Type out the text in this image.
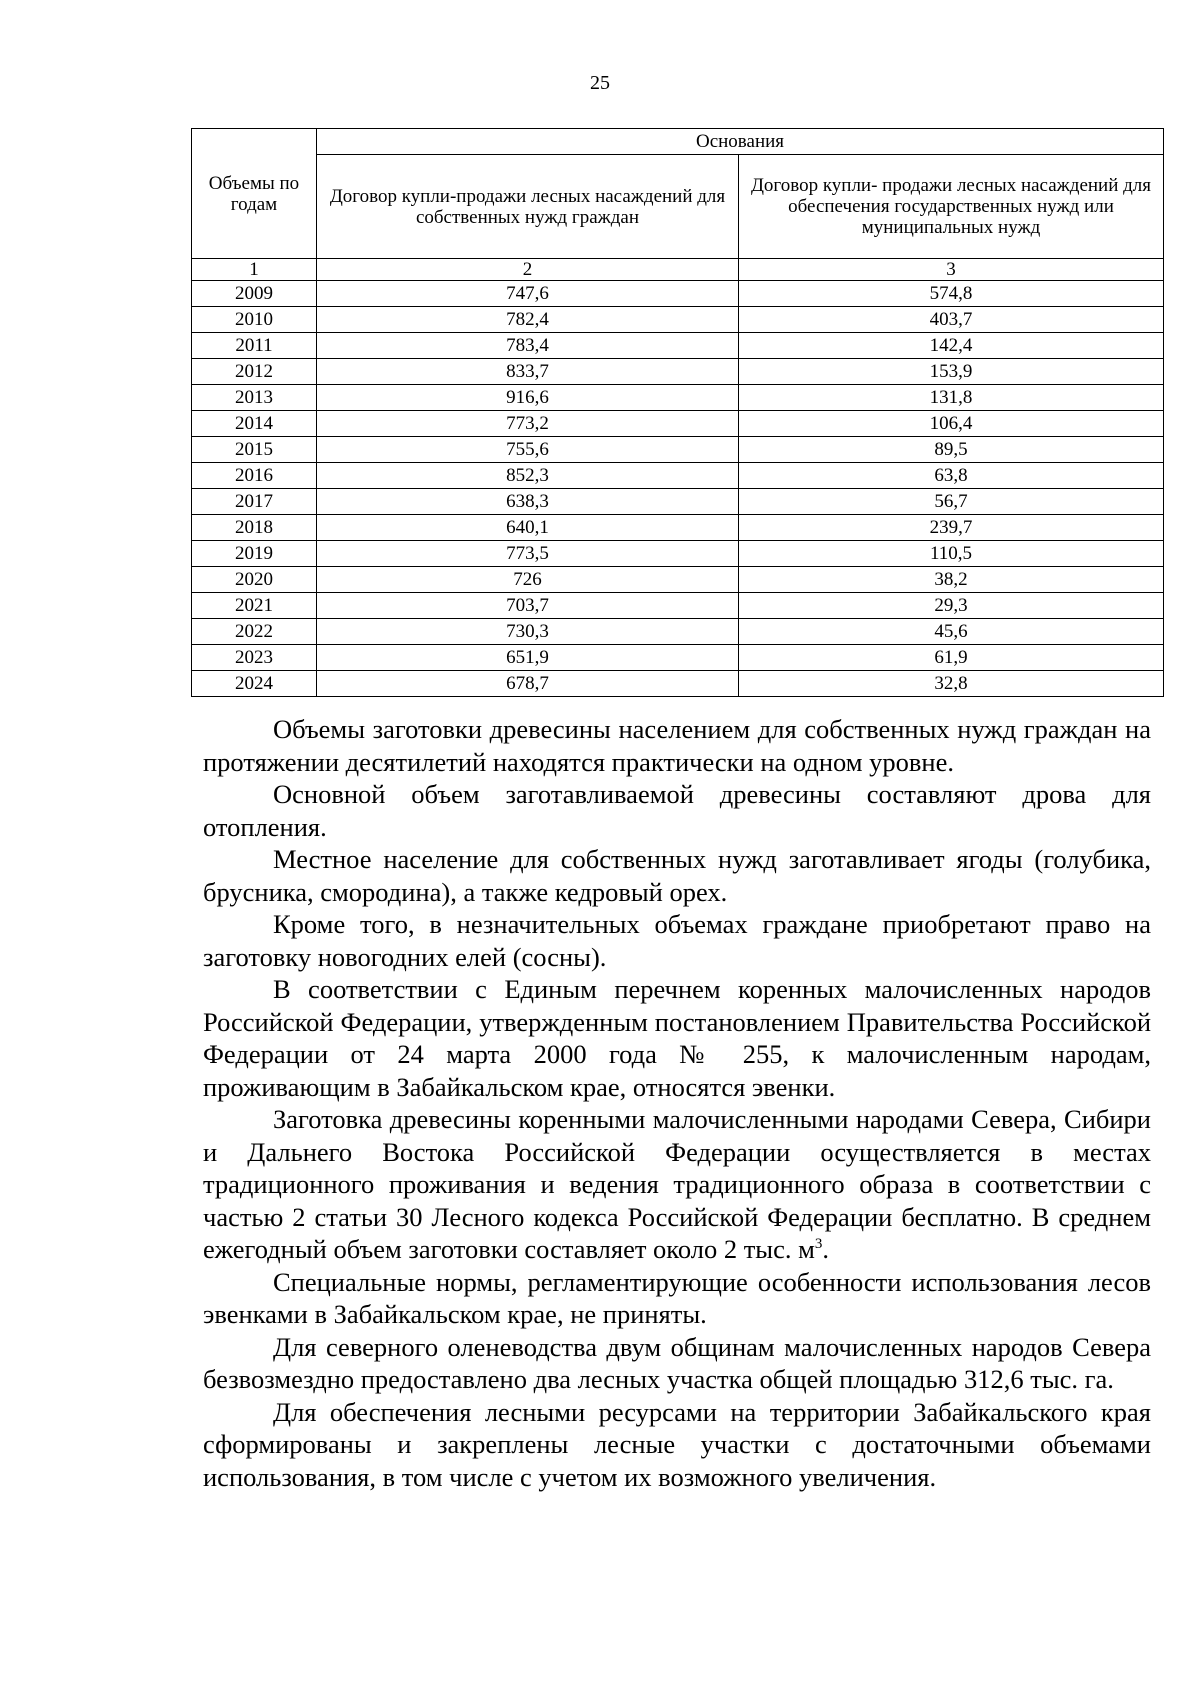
25
Объемы по годам	Основания	
	Договор купли-продажи лесных насаждений для собственных нужд граждан	Договор купли- продажи лесных насаждений для обеспечения государственных нужд или муниципальных нужд
1	2	3
2009	747,6	574,8
2010	782,4	403,7
2011	783,4	142,4
2012	833,7	153,9
2013	916,6	131,8
2014	773,2	106,4
2015	755,6	89,5
2016	852,3	63,8
2017	638,3	56,7
2018	640,1	239,7
2019	773,5	110,5
2020	726	38,2
2021	703,7	29,3
2022	730,3	45,6
2023	651,9	61,9
2024	678,7	32,8

Объемы заготовки древесины населением для собственных нужд граждан на протяжении десятилетий находятся практически на одном уровне.

Основной объем заготавливаемой древесины составляют дрова для отопления.

Местное население для собственных нужд заготавливает ягоды (голубика, брусника, смородина), а также кедровый орех.

Кроме того, в незначительных объемах граждане приобретают право на заготовку новогодних елей (сосны).

В соответствии с Единым перечнем коренных малочисленных народов Российской Федерации, утвержденным постановлением Правительства Российской Федерации от 24 марта 2000 года № 255, к малочисленным народам, проживающим в Забайкальском крае, относятся эвенки.

Заготовка древесины коренными малочисленными народами Севера, Сибири и Дальнего Востока Российской Федерации осуществляется в местах традиционного проживания и ведения традиционного образа в соответствии с частью 2 статьи 30 Лесного кодекса Российской Федерации бесплатно. В среднем ежегодный объем заготовки составляет около 2 тыс. $м^3$.

Специальные нормы, регламентирующие особенности использования лесов эвенками в Забайкальском крае, не приняты.

Для северного оленеводства двум общинам малочисленных народов Севера безвозмездно предоставлено два лесных участка общей площадью 312,6 тыс. га.

Для обеспечения лесными ресурсами на территории Забайкальского края сформированы и закреплены лесные участки с достаточными объемами использования, в том числе с учетом их возможного увеличения.
